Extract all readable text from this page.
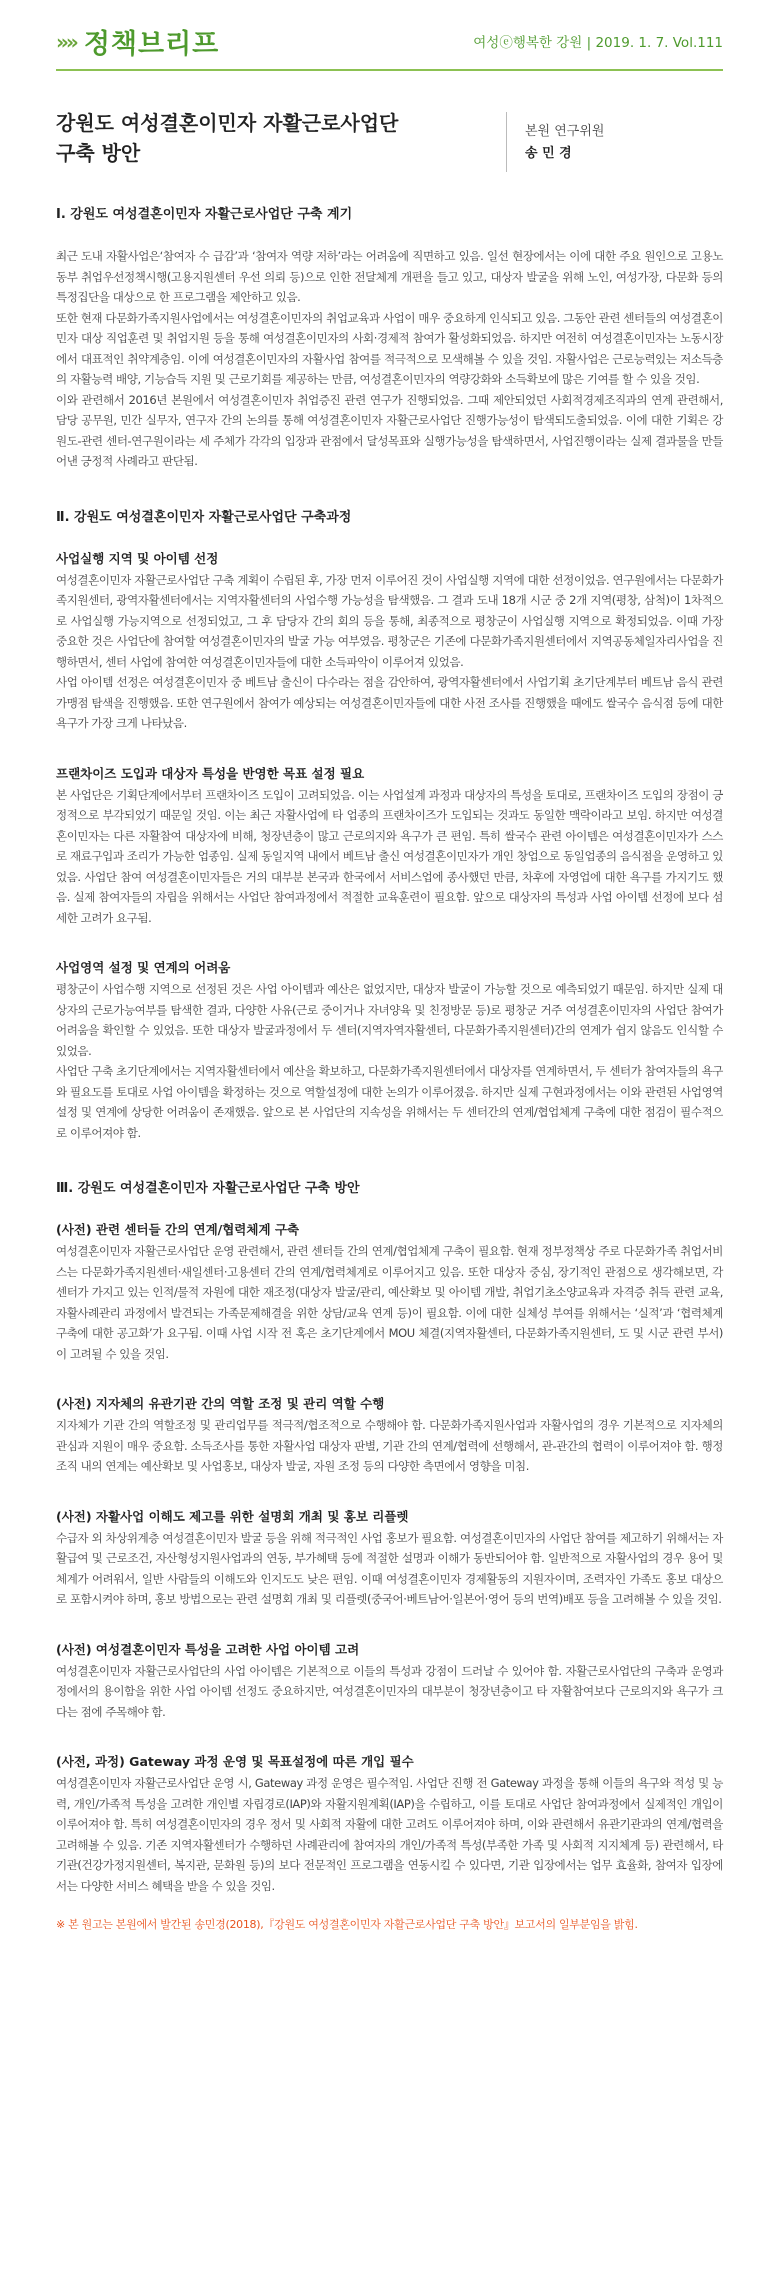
»» 정책브리프	여성ⓔ행복한 강원 | 2019. 1. 7. Vol.111
강원도 여성결혼이민자 자활근로사업단
구축 방안
본원 연구위원
송 민 경
Ⅰ. 강원도 여성결혼이민자 자활근로사업단 구축 계기

최근 도내 자활사업은‘참여자 수 급감’과 ‘참여자 역량 저하’라는 어려움에 직면하고 있음. 일선 현장에서는 이에 대한 주요 원인으로 고용노동부 취업우선정책시행(고용지원센터 우선 의뢰 등)으로 인한 전달체계 개편을 들고 있고, 대상자 발굴을 위해 노인, 여성가장, 다문화 등의 특정집단을 대상으로 한 프로그램을 제안하고 있음.

또한 현재 다문화가족지원사업에서는 여성결혼이민자의 취업교육과 사업이 매우 중요하게 인식되고 있음. 그동안 관련 센터들의 여성결혼이민자 대상 직업훈련 및 취업지원 등을 통해 여성결혼이민자의 사회·경제적 참여가 활성화되었음. 하지만 여전히 여성결혼이민자는 노동시장에서 대표적인 취약계층임. 이에 여성결혼이민자의 자활사업 참여를 적극적으로 모색해볼 수 있을 것임. 자활사업은 근로능력있는 저소득층의 자활능력 배양, 기능습득 지원 및 근로기회를 제공하는 만큼, 여성결혼이민자의 역량강화와 소득확보에 많은 기여를 할 수 있을 것임.

이와 관련해서 2016년 본원에서 여성결혼이민자 취업증진 관련 연구가 진행되었음. 그때 제안되었던 사회적경제조직과의 연계 관련해서, 담당 공무원, 민간 실무자, 연구자 간의 논의를 통해 여성결혼이민자 자활근로사업단 진행가능성이 탐색되도출되었음. 이에 대한 기획은 강원도-관련 센터-연구원이라는 세 주체가 각각의 입장과 관점에서 달성목표와 실행가능성을 탐색하면서, 사업진행이라는 실제 결과물을 만들어낸 긍정적 사례라고 판단됨.

Ⅱ. 강원도 여성결혼이민자 자활근로사업단 구축과정
사업실행 지역 및 아이템 선정

여성결혼이민자 자활근로사업단 구축 계획이 수립된 후, 가장 먼저 이루어진 것이 사업실행 지역에 대한 선정이었음. 연구원에서는 다문화가족지원센터, 광역자활센터에서는 지역자활센터의 사업수행 가능성을 탐색했음. 그 결과 도내 18개 시군 중 2개 지역(평창, 삼척)이 1차적으로 사업실행 가능지역으로 선정되었고, 그 후 담당자 간의 회의 등을 통해, 최종적으로 평창군이 사업실행 지역으로 확정되었음. 이때 가장 중요한 것은 사업단에 참여할 여성결혼이민자의 발굴 가능 여부였음. 평창군은 기존에 다문화가족지원센터에서 지역공동체일자리사업을 진행하면서, 센터 사업에 참여한 여성결혼이민자들에 대한 소득파악이 이루어져 있었음.

사업 아이템 선정은 여성결혼이민자 중 베트남 출신이 다수라는 점을 감안하여, 광역자활센터에서 사업기획 초기단계부터 베트남 음식 관련 가맹점 탐색을 진행했음. 또한 연구원에서 참여가 예상되는 여성결혼이민자들에 대한 사전 조사를 진행했을 때에도 쌀국수 음식점 등에 대한 욕구가 가장 크게 나타났음.

프랜차이즈 도입과 대상자 특성을 반영한 목표 설정 필요

본 사업단은 기획단계에서부터 프랜차이즈 도입이 고려되었음. 이는 사업설계 과정과 대상자의 특성을 토대로, 프랜차이즈 도입의 장점이 긍정적으로 부각되었기 때문일 것임. 이는 최근 자활사업에 타 업종의 프랜차이즈가 도입되는 것과도 동일한 맥락이라고 보임. 하지만 여성결혼이민자는 다른 자활참여 대상자에 비해, 청장년층이 많고 근로의지와 욕구가 큰 편임. 특히 쌀국수 관련 아이템은 여성결혼이민자가 스스로 재료구입과 조리가 가능한 업종임. 실제 동일지역 내에서 베트남 출신 여성결혼이민자가 개인 창업으로 동일업종의 음식점을 운영하고 있었음. 사업단 참여 여성결혼이민자들은 거의 대부분 본국과 한국에서 서비스업에 종사했던 만큼, 차후에 자영업에 대한 욕구를 가지기도 했음. 실제 참여자들의 자립을 위해서는 사업단 참여과정에서 적절한 교육훈련이 필요함. 앞으로 대상자의 특성과 사업 아이템 선정에 보다 섬세한 고려가 요구됨.

사업영역 설정 및 연계의 어려움

평창군이 사업수행 지역으로 선정된 것은 사업 아이템과 예산은 없었지만, 대상자 발굴이 가능할 것으로 예측되었기 때문임. 하지만 실제 대상자의 근로가능여부를 탐색한 결과, 다양한 사유(근로 중이거나 자녀양육 및 친정방문 등)로 평창군 거주 여성결혼이민자의 사업단 참여가 어려움을 확인할 수 있었음. 또한 대상자 발굴과정에서 두 센터(지역자역자활센터, 다문화가족지원센터)간의 연계가 쉽지 않음도 인식할 수 있었음.

사업단 구축 초기단계에서는 지역자활센터에서 예산을 확보하고, 다문화가족지원센터에서 대상자를 연계하면서, 두 센터가 참여자들의 욕구와 필요도를 토대로 사업 아이템을 확정하는 것으로 역할설정에 대한 논의가 이루어졌음. 하지만 실제 구현과정에서는 이와 관련된 사업영역 설정 및 연계에 상당한 어려움이 존재했음. 앞으로 본 사업단의 지속성을 위해서는 두 센터간의 연계/협업체계 구축에 대한 점검이 필수적으로 이루어져야 함.

Ⅲ. 강원도 여성결혼이민자 자활근로사업단 구축 방안
(사전) 관련 센터들 간의 연계/협력체계 구축

여성결혼이민자 자활근로사업단 운영 관련해서, 관련 센터들 간의 연계/협업체계 구축이 필요함. 현재 정부정책상 주로 다문화가족 취업서비스는 다문화가족지원센터·새일센터·고용센터 간의 연계/협력체계로 이루어지고 있음. 또한 대상자 중심, 장기적인 관점으로 생각해보면, 각 센터가 가지고 있는 인적/물적 자원에 대한 재조정(대상자 발굴/관리, 예산확보 및 아이템 개발, 취업기초소양교육과 자격증 취득 관련 교육, 자활사례관리 과정에서 발견되는 가족문제해결을 위한 상담/교육 연계 등)이 필요함. 이에 대한 실체성 부여를 위해서는 ‘실적’과 ‘협력체계 구축에 대한 공고화’가 요구됨. 이때 사업 시작 전 혹은 초기단계에서 MOU 체결(지역자활센터, 다문화가족지원센터, 도 및 시군 관련 부서)이 고려될 수 있을 것임.

(사전) 지자체의 유관기관 간의 역할 조정 및 관리 역할 수행

지자체가 기관 간의 역할조정 및 관리업무를 적극적/협조적으로 수행해야 함. 다문화가족지원사업과 자활사업의 경우 기본적으로 지자체의 관심과 지원이 매우 중요함. 소득조사를 통한 자활사업 대상자 판별, 기관 간의 연계/협력에 선행해서, 관-관간의 협력이 이루어져야 함. 행정조직 내의 연계는 예산확보 및 사업홍보, 대상자 발굴, 자원 조정 등의 다양한 측면에서 영향을 미침.

(사전) 자활사업 이해도 제고를 위한 설명회 개최 및 홍보 리플렛

수급자 외 차상위계층 여성결혼이민자 발굴 등을 위해 적극적인 사업 홍보가 필요함. 여성결혼이민자의 사업단 참여를 제고하기 위해서는 자활급여 및 근로조건, 자산형성지원사업과의 연동, 부가혜택 등에 적절한 설명과 이해가 동반되어야 함. 일반적으로 자활사업의 경우 용어 및 체계가 어려워서, 일반 사람들의 이해도와 인지도도 낮은 편임. 이때 여성결혼이민자 경제활동의 지원자이며, 조력자인 가족도 홍보 대상으로 포함시켜야 하며, 홍보 방법으로는 관련 설명회 개최 및 리플렛(중국어·베트남어·일본어·영어 등의 번역)배포 등을 고려해볼 수 있을 것임.

(사전) 여성결혼이민자 특성을 고려한 사업 아이템 고려

여성결혼이민자 자활근로사업단의 사업 아이템은 기본적으로 이들의 특성과 강점이 드러날 수 있어야 함. 자활근로사업단의 구축과 운영과정에서의 용이함을 위한 사업 아이템 선정도 중요하지만, 여성결혼이민자의 대부분이 청장년층이고 타 자활참여보다 근로의지와 욕구가 크다는 점에 주목해야 함.

(사전, 과정) Gateway 과정 운영 및 목표설정에 따른 개입 필수

여성결혼이민자 자활근로사업단 운영 시, Gateway 과정 운영은 필수적임. 사업단 진행 전 Gateway 과정을 통해 이들의 욕구와 적성 및 능력, 개인/가족적 특성을 고려한 개인별 자립경로(IAP)와 자활지원계획(IAP)을 수립하고, 이를 토대로 사업단 참여과정에서 실제적인 개입이 이루어져야 함. 특히 여성결혼이민자의 경우 정서 및 사회적 자활에 대한 고려도 이루어져야 하며, 이와 관련해서 유관기관과의 연계/협력을 고려해볼 수 있음. 기존 지역자활센터가 수행하던 사례관리에 참여자의 개인/가족적 특성(부족한 가족 및 사회적 지지체계 등) 관련해서, 타 기관(건강가정지원센터, 복지관, 문화원 등)의 보다 전문적인 프로그램을 연동시킬 수 있다면, 기관 입장에서는 업무 효율화, 참여자 입장에서는 다양한 서비스 혜택을 받을 수 있을 것임.

※ 본 원고는 본원에서 발간된 송민경(2018),『강원도 여성결혼이민자 자활근로사업단 구축 방안』보고서의 일부분임을 밝힘.
